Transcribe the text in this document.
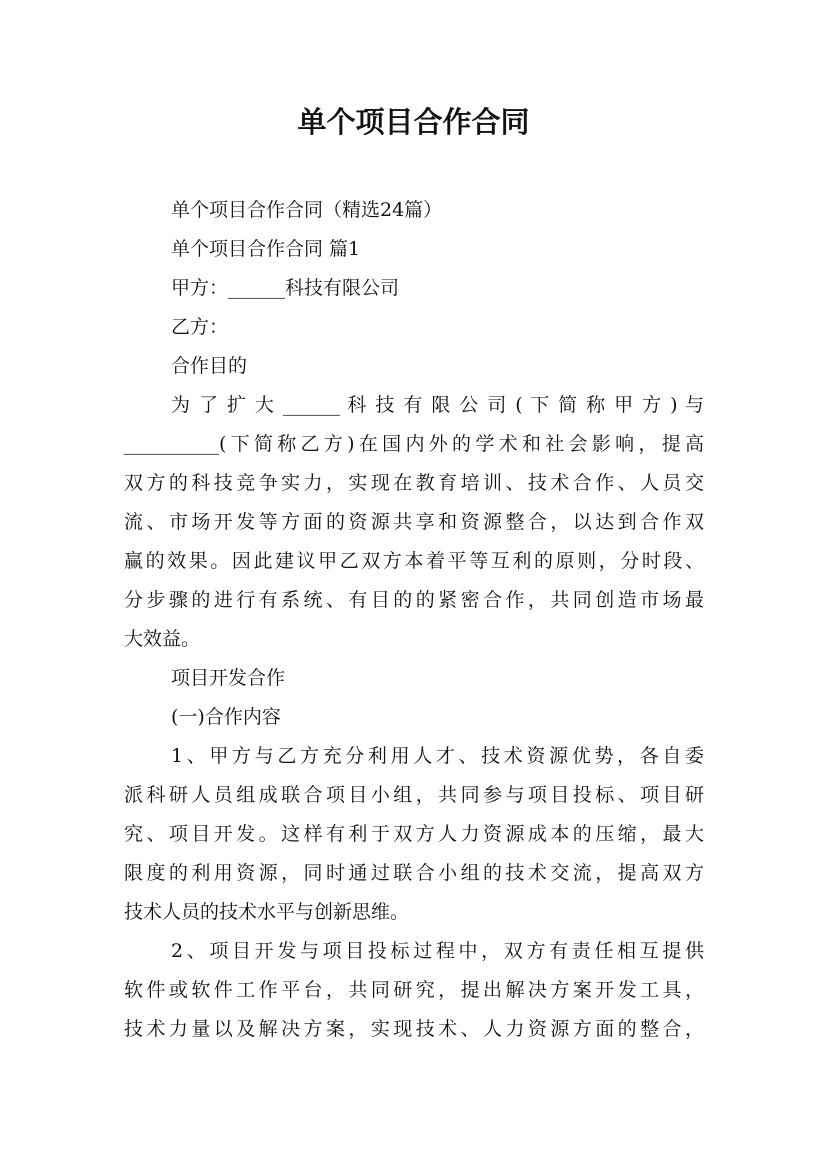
单个项目合作合同

单个项目合作合同（精选24篇）

单个项目合作合同 篇1

甲方：______科技有限公司

乙方：

合作目的

为 了 扩 大 ______ 科 技 有 限 公 司 ( 下 简 称 甲 方 ) 与

__________(下简称乙方)在国内外的学术和社会影响，提高

双方的科技竞争实力，实现在教育培训、技术合作、人员交

流、市场开发等方面的资源共享和资源整合，以达到合作双

赢的效果。因此建议甲乙双方本着平等互利的原则，分时段、

分步骤的进行有系统、有目的的紧密合作，共同创造市场最

大效益。

项目开发合作

(一)合作内容

1、甲方与乙方充分利用人才、技术资源优势，各自委

派科研人员组成联合项目小组，共同参与项目投标、项目研

究、项目开发。这样有利于双方人力资源成本的压缩，最大

限度的利用资源，同时通过联合小组的技术交流，提高双方

技术人员的技术水平与创新思维。

2、项目开发与项目投标过程中，双方有责任相互提供

软件或软件工作平台，共同研究，提出解决方案开发工具，

技术力量以及解决方案，实现技术、人力资源方面的整合，
